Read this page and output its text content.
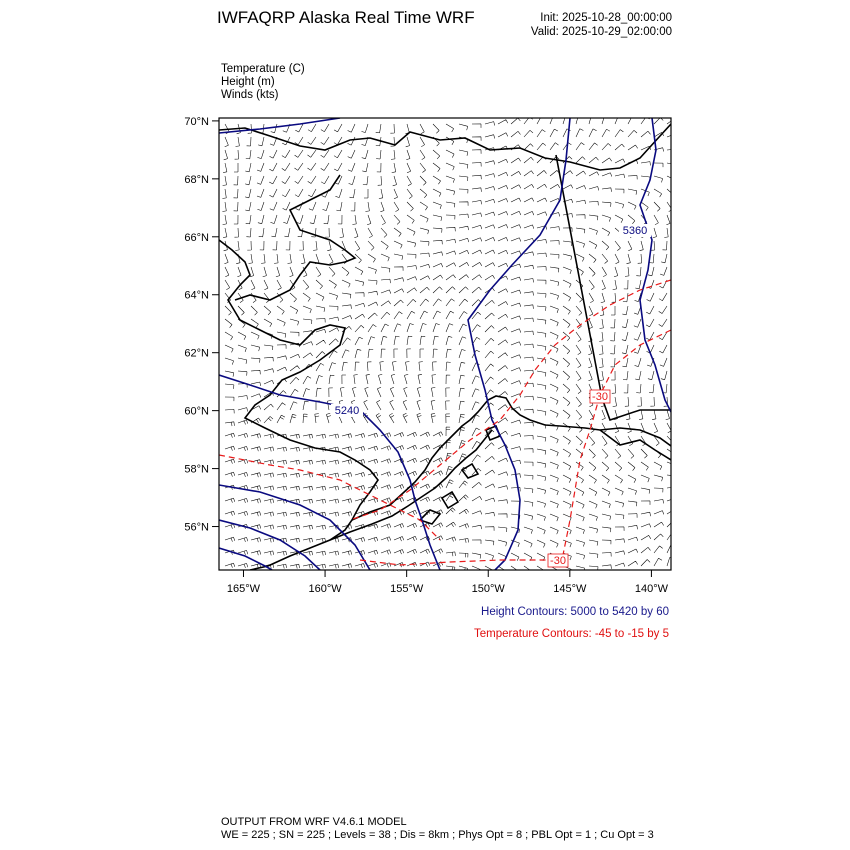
IWFAQRP Alaska Real Time WRF	Init: 2025-10-28_00:00:00
Valid: 2025-10-29_02:00:00
Temperature (C)
Height (m)
Winds (kts)
5360
5240
-30
-30
70°N
68°N
66°N
64°N
62°N
60°N
58°N
56°N
165°W	160°W	155°W	150°W	145°W	140°W
Height Contours: 5000 to 5420 by 60
Temperature Contours: -45 to -15 by 5
OUTPUT FROM WRF V4.6.1 MODEL
WE = 225 ; SN = 225 ; Levels = 38 ; Dis = 8km ; Phys Opt = 8 ; PBL Opt = 1 ; Cu Opt = 3
